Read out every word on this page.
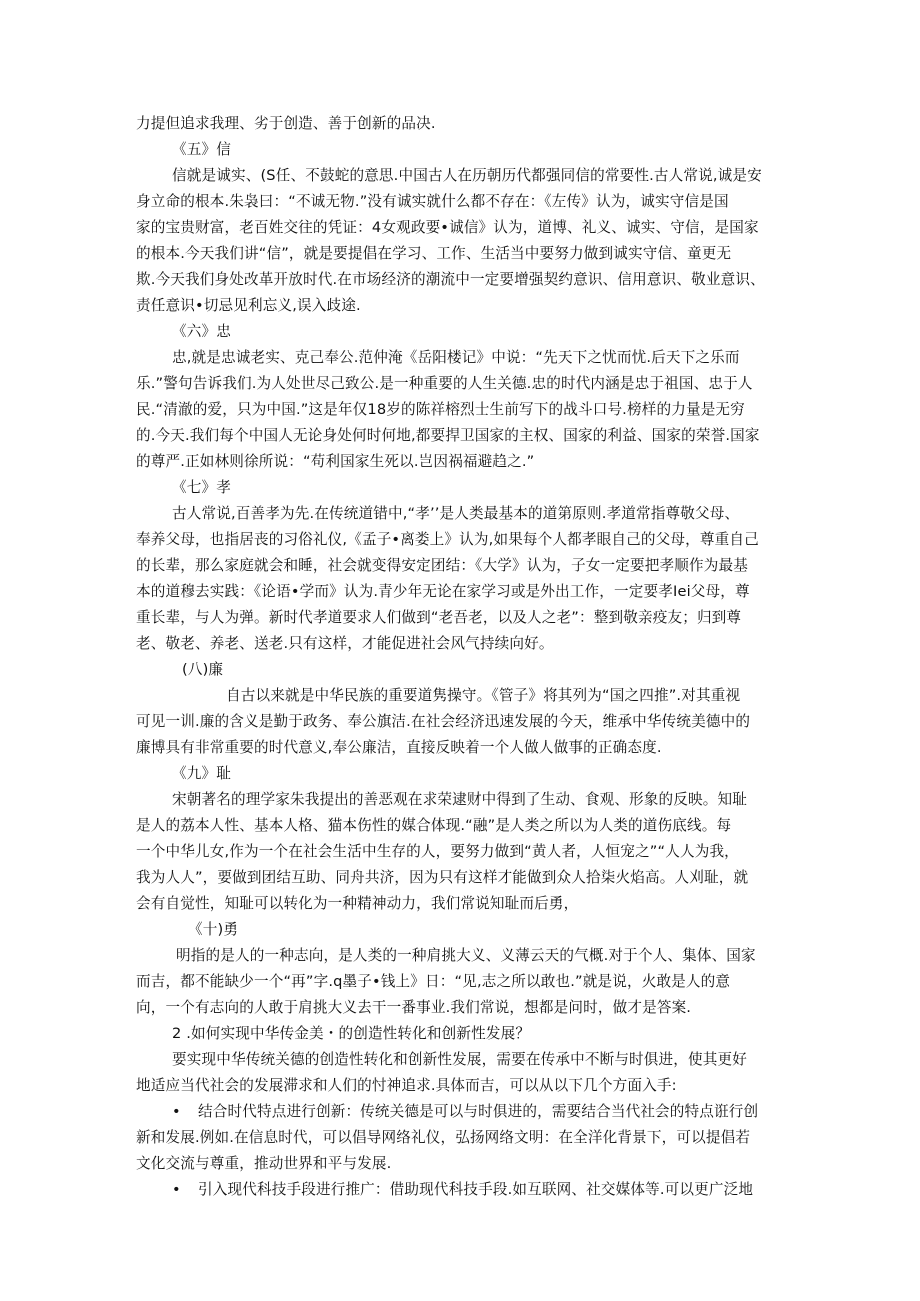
力提但追求我理、劣于创造、善于创新的品决.
《五》信
信就是诚实、(S任、不鼓蛇的意思.中国古人在历朝历代都强同信的常要性.古人常说,诚是安
身立命的根本.朱袅曰：“不诚无物.”没有诚实就什么都不存在：《左传》认为，诚实守信是国
家的宝贵财富，老百姓交往的凭证：4女观政要•诚信》认为，道博、礼义、诚实、守信，是国家
的根本.今天我们讲“信”，就是要提倡在学习、工作、生活当中要努力做到诚实守信、童更无
欺.今天我们身处改革开放时代.在市场经济的潮流中一定要增强契约意识、信用意识、敬业意识、
责任意识•切忌见利忘义,误入歧途.
《六》忠
忠,就是忠诚老实、克己奉公.范仲淹《岳阳楼记》中说：“先天下之忧而忧.后天下之乐而
乐.”警句告诉我们.为人处世尽己致公.是一种重要的人生关德.忠的时代内涵是忠于祖国、忠于人
民.“清澈的爱，只为中国.”这是年仅18岁的陈祥榕烈士生前写下的战斗口号.榜样的力量是无穷
的.今天.我们每个中国人无论身处何时何地,都要捍卫国家的主权、国家的利益、国家的荣誉.国家
的尊严.正如林则徐所说：“苟利国家生死以.岂因祸福避趋之.”
《七》孝
古人常说,百善孝为先.在传统道错中,“孝’’是人类最基本的道第原则.孝道常指尊敬父母、
奉养父母，也指居丧的习俗礼仪,《孟子•离娄上》认为,如果每个人都孝眼自己的父母，尊重自己
的长辈，那么家庭就会和睡，社会就变得安定团结：《大学》认为，子女一定要把孝顺作为最基
本的道穆去实践：《论语•学而》认为.青少年无论在家学习或是外出工作，一定要孝Iei父母，尊
重长辈，与人为弹。新时代孝道要求人们做到“老吾老，以及人之老”：整到敬亲疫友；归到尊
老、敬老、养老、送老.只有这样，才能促进社会风气持续向好。
(八)廉
自古以来就是中华民族的重要道隽操守。《管子》将其列为“国之四推”.对其重视
可见一训.廉的含义是勤于政务、奉公旗洁.在社会经济迅速发展的今天，维承中华传统美德中的
廉博具有非常重要的时代意义,奉公廉洁，直接反映着一个人做人做事的正确态度.
《九》耻
宋朝著名的理学家朱我提出的善恶观在求荣逮财中得到了生动、食观、形象的反映。知耻
是人的荔本人性、基本人格、猫本伤性的媒合体现.“融”是人类之所以为人类的道伤底线。每
一个中华儿女,作为一个在社会生活中生存的人，要努力做到“黄人者，人恒宠之”“人人为我，
我为人人”，要做到团结互助、同舟共济，因为只有这样才能做到众人拾柒火焰高。人刈耻，就
会有自觉性，知耻可以转化为一种精神动力，我们常说知耻而后勇，
《十)勇
明指的是人的一种志向，是人类的一种肩挑大义、义薄云天的气概.对于个人、集体、国家
而吉，都不能缺少一个“再”字.q墨子•钱上》日：“见,志之所以敢也.”就是说，火敢是人的意
向，一个有志向的人敢于肩挑大义去干一番事业.我们常说，想都是问时，做才是答案.
2 .如何实现中华传金美・的创造性转化和创新性发展？
要实现中华传统关德的创造性转化和创新性发展，需要在传承中不断与时俱进，使其更好
地适应当代社会的发展滞求和人们的忖神追求.具体而吉，可以从以下几个方面入手:
• 结合时代特点进行创新：传统关德是可以与时俱进的，需要结合当代社会的特点诳行创
新和发展.例如.在信息时代，可以倡导网络礼仪，弘扬网络文明：在全洋化背景下，可以提倡若
文化交流与尊重，推动世界和平与发展.
• 引入现代科技手段进行推广：借助现代科技手段.如互联网、社交媒体等.可以更广泛地
